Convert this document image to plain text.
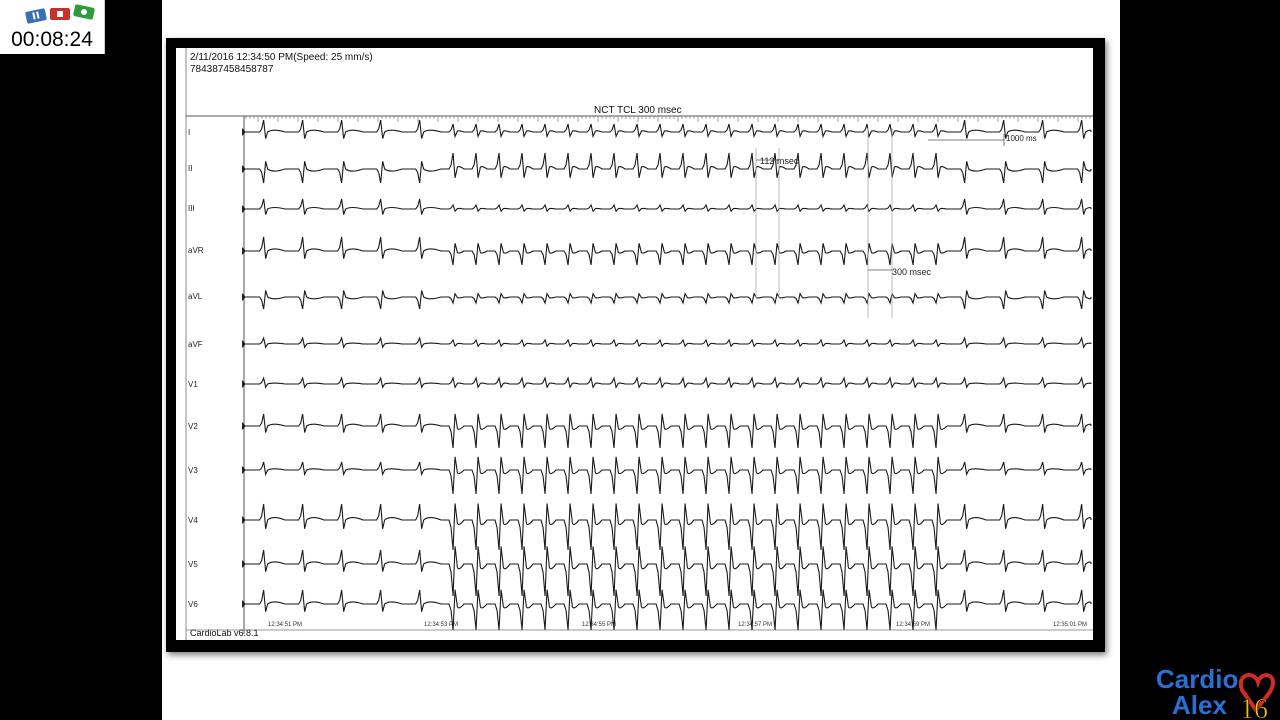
2/11/2016 12:34:50 PM(Speed: 25 mm/s)
784387458458787
NCT TCL 300 msec
I
II
III
aVR
aVL
aVF
V1
V2
V3
V4
V5
V6
112 msec
300 msec
1000 ms
12:34:51 PM	12:34:53 PM	12:34:55 PM	12:34:57 PM	12:34:59 PM	12:35:01 PM
CardioLab v6.8.1
00:08:24
Cardio
Alex 16
